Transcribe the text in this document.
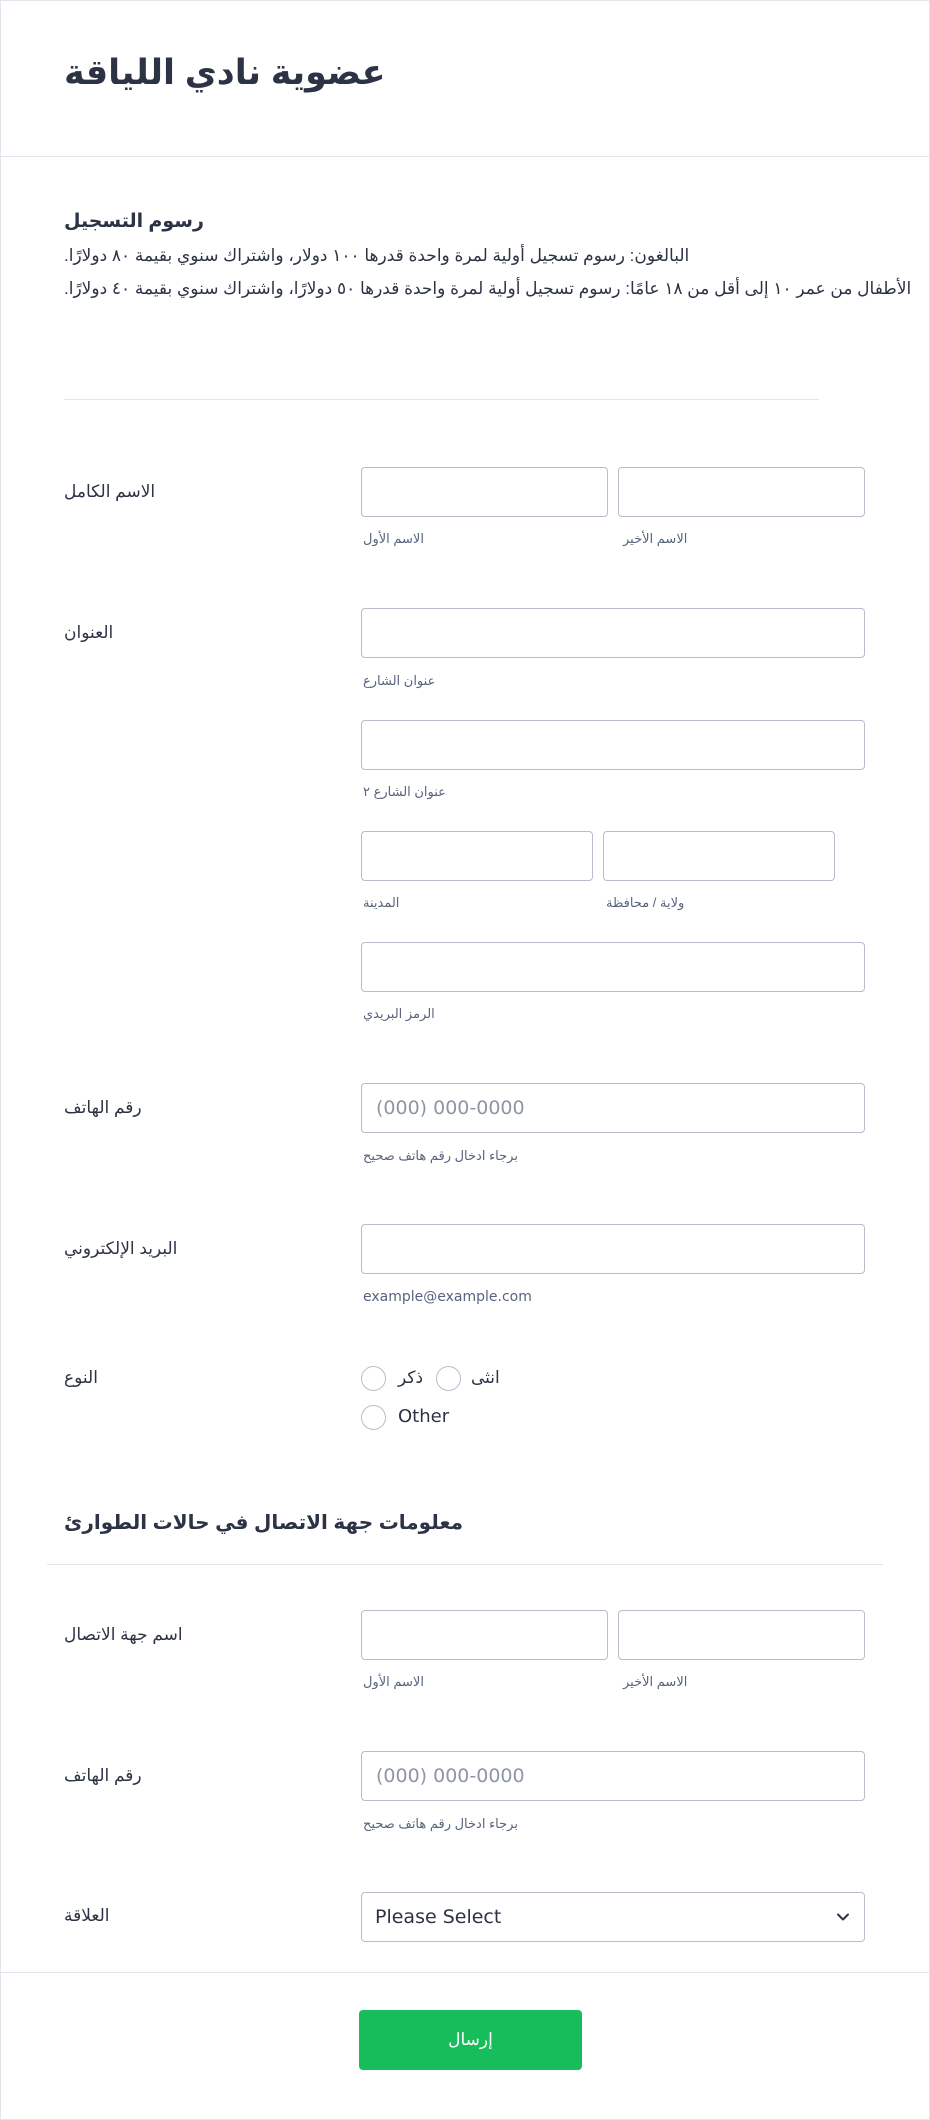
عضوية نادي اللياقة
رسوم التسجيل
.البالغون: رسوم تسجيل أولية لمرة واحدة قدرها ١٠٠ دولار، واشتراك سنوي بقيمة ٨٠ دولارًا
.الأطفال من عمر ١٠ إلى أقل من ١٨ عامًا: رسوم تسجيل أولية لمرة واحدة قدرها ٥٠ دولارًا، واشتراك سنوي بقيمة ٤٠ دولارًا
الاسم الكامل
الاسم الأول	الاسم الأخير
العنوان
عنوان الشارع
عنوان الشارع ٢
المدينة	ولاية / محافظة
الرمز البريدي
رقم الهاتف	(000) 000-0000
برجاء ادخال رقم هاتف صحيح
البريد الإلكتروني
example@example.com
النوع	ذكر	انثى
Other
معلومات جهة الاتصال في حالات الطوارئ
اسم جهة الاتصال
الاسم الأول	الاسم الأخير
رقم الهاتف	(000) 000-0000
برجاء ادخال رقم هاتف صحيح
العلاقة	Please Select
إرسال
